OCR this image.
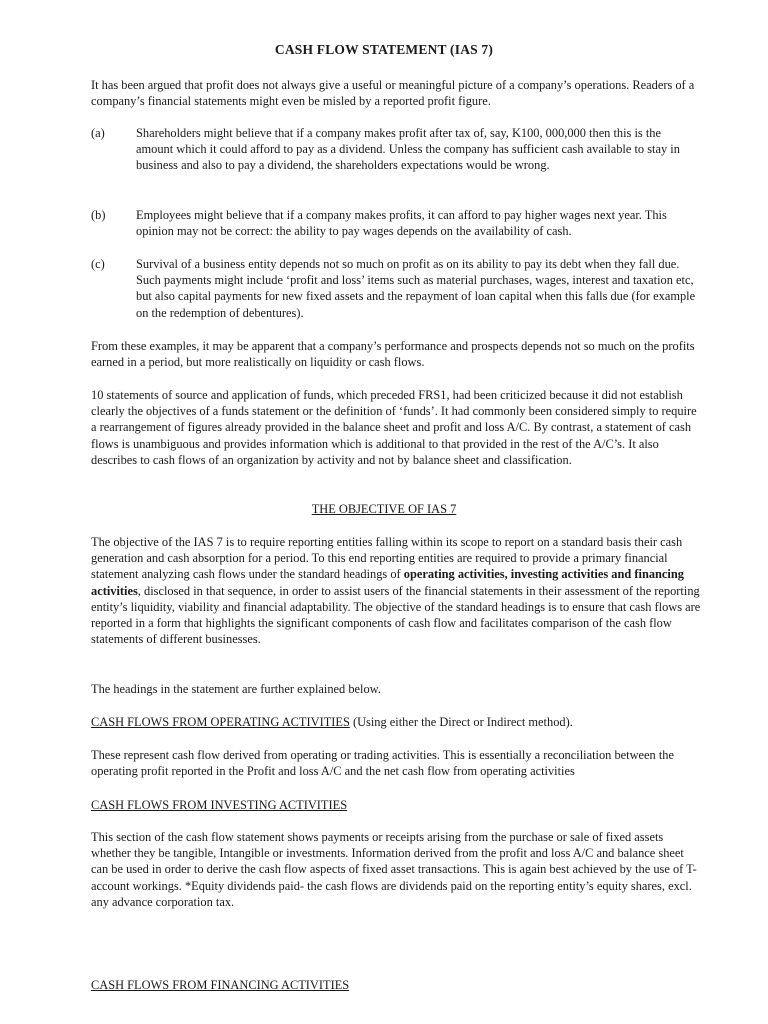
CASH FLOW STATEMENT (IAS 7)

It has been argued that profit does not always give a useful or meaningful picture of a company’s operations. Readers of a company’s financial statements might even be misled by a reported profit figure.

(a)	Shareholders might believe that if a company makes profit after tax of, say, K100, 000,000 then this is the amount which it could afford to pay as a dividend. Unless the company has sufficient cash available to stay in business and also to pay a dividend, the shareholders expectations would be wrong.
(b) Employees might believe that if a company makes profits, it can afford to pay higher wages next year. This opinion may not be correct: the ability to pay wages depends on the availability of cash.
(c)	Survival of a business entity depends not so much on profit as on its ability to pay its debt when they fall due. Such payments might include ‘profit and loss’ items such as material purchases, wages, interest and taxation etc, but also capital payments for new fixed assets and the repayment of loan capital when this falls due (for example on the redemption of debentures).

From these examples, it may be apparent that a company’s performance and prospects depends not so much on the profits earned in a period, but more realistically on liquidity or cash flows.

10 statements of source and application of funds, which preceded FRS1, had been criticized because it did not establish clearly the objectives of a funds statement or the definition of ‘funds’. It had commonly been considered simply to require a rearrangement of figures already provided in the balance sheet and profit and loss A/C. By contrast, a statement of cash flows is unambiguous and provides information which is additional to that provided in the rest of the A/C’s. It also describes to cash flows of an organization by activity and not by balance sheet and classification.

THE OBJECTIVE OF IAS 7

The objective of the IAS 7 is to require reporting entities falling within its scope to report on a standard basis their cash generation and cash absorption for a period. To this end reporting entities are required to provide a primary financial statement analyzing cash flows under the standard headings of operating activities, investing activities and financing activities, disclosed in that sequence, in order to assist users of the financial statements in their assessment of the reporting entity’s liquidity, viability and financial adaptability. The objective of the standard headings is to ensure that cash flows are reported in a form that highlights the significant components of cash flow and facilitates comparison of the cash flow statements of different businesses.

The headings in the statement are further explained below.

CASH FLOWS FROM OPERATING ACTIVITIES (Using either the Direct or Indirect method).

These represent cash flow derived from operating or trading activities. This is essentially a reconciliation between the operating profit reported in the Profit and loss A/C and the net cash flow from operating activities

CASH FLOWS FROM INVESTING ACTIVITIES

This section of the cash flow statement shows payments or receipts arising from the purchase or sale of fixed assets whether they be tangible, Intangible or investments. Information derived from the profit and loss A/C and balance sheet can be used in order to derive the cash flow aspects of fixed asset transactions. This is again best achieved by the use of T-account workings. *Equity dividends paid- the cash flows are dividends paid on the reporting entity’s equity shares, excl. any advance corporation tax.

CASH FLOWS FROM FINANCING ACTIVITIES
